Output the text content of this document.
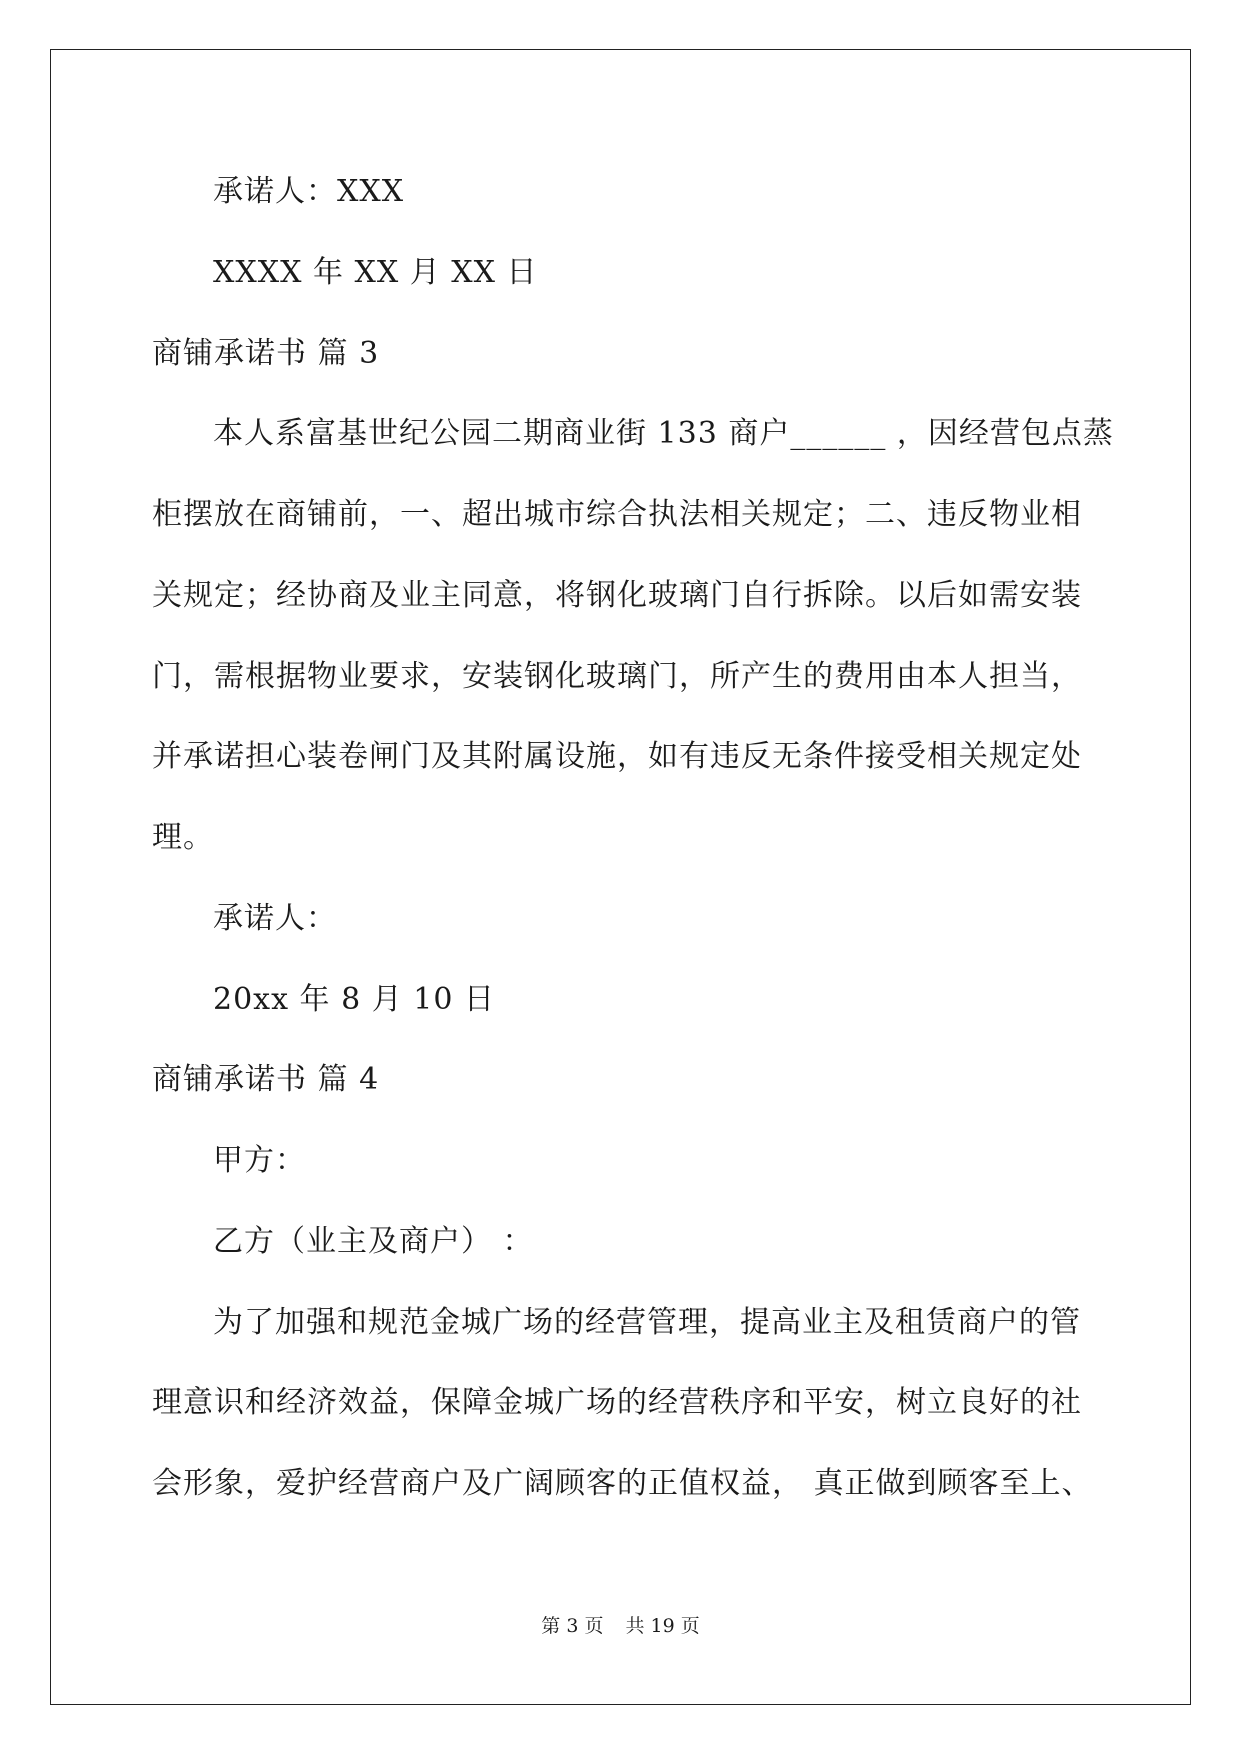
承诺人：XXX
XXXX 年 XX 月 XX 日
商铺承诺书 篇 3
本人系富基世纪公园二期商业街 133 商户______ ，因经营包点蒸
柜摆放在商铺前，一、超出城市综合执法相关规定；二、违反物业相
关规定；经协商及业主同意，将钢化玻璃门自行拆除。以后如需安装
门，需根据物业要求，安装钢化玻璃门，所产生的费用由本人担当，
并承诺担心装卷闸门及其附属设施，如有违反无条件接受相关规定处
理。
承诺人：
20xx 年 8 月 10 日
商铺承诺书 篇 4
甲方：
乙方（业主及商户） ：
为了加强和规范金城广场的经营管理，提高业主及租赁商户的管
理意识和经济效益，保障金城广场的经营秩序和平安，树立良好的社
会形象，爱护经营商户及广阔顾客的正值权益， 真正做到顾客至上、
第 3 页 共 19 页
